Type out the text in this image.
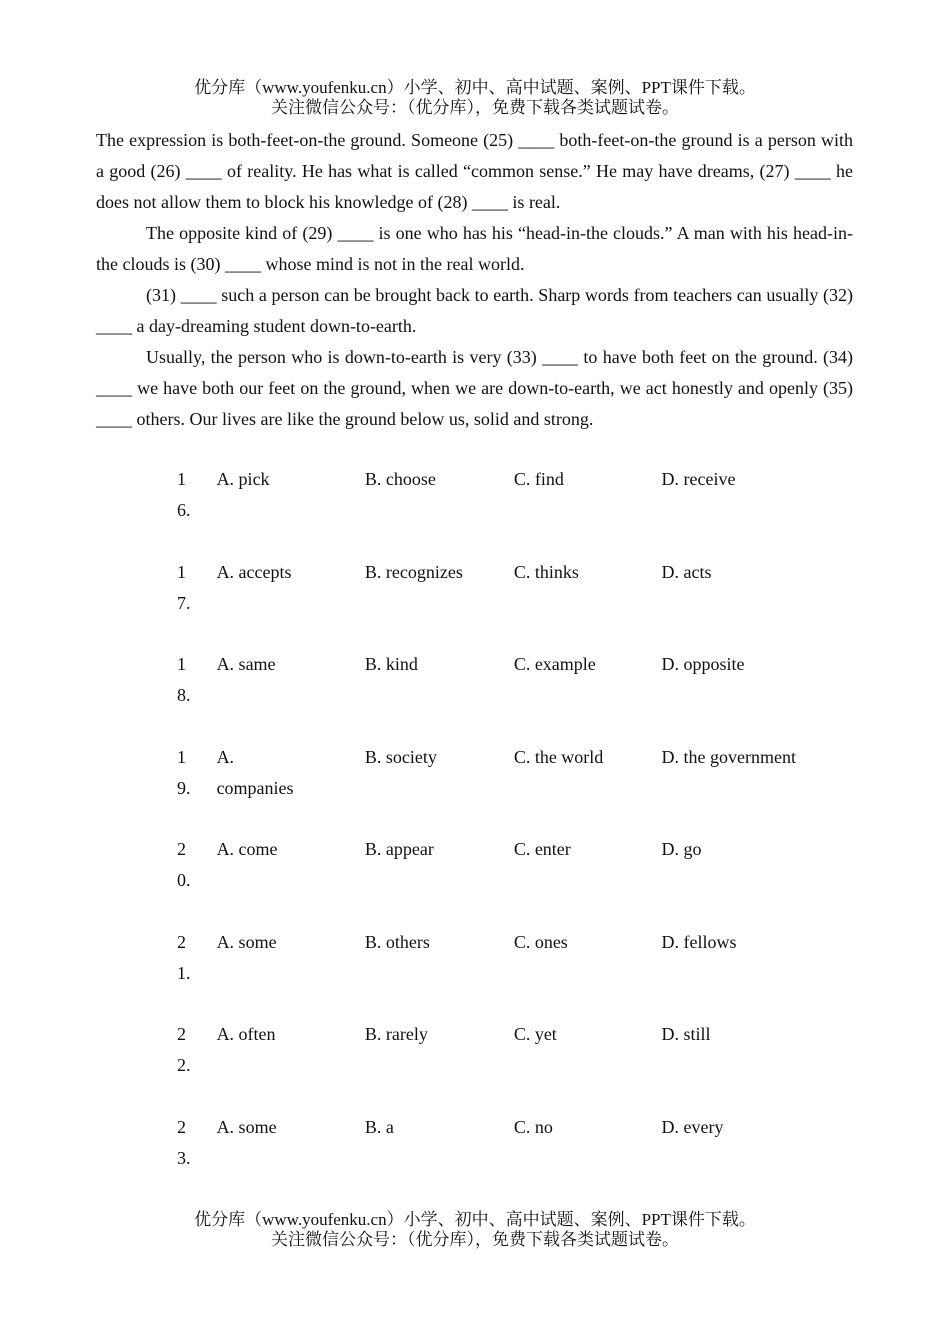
优分库（www.youfenku.cn）小学、初中、高中试题、案例、PPT课件下载。
关注微信公众号：（优分库），免费下载各类试题试卷。

The expression is both-feet-on-the ground. Someone (25) ____ both-feet-on-the ground is a person with a good (26) ____ of reality. He has what is called “common sense.” He may have dreams, (27) ____ he does not allow them to block his knowledge of (28) ____ is real.

The opposite kind of (29) ____ is one who has his “head-in-the clouds.” A man with his head-in-the clouds is (30) ____ whose mind is not in the real world.

(31) ____ such a person can be brought back to earth. Sharp words from teachers can usually (32) ____ a day-dreaming student down-to-earth.

Usually, the person who is down-to-earth is very (33) ____ to have both feet on the ground. (34) ____ we have both our feet on the ground, when we are down-to-earth, we act honestly and openly (35) ____ others. Our lives are like the ground below us, solid and strong.

16.	A. pick	B. choose	C. find	D. receive

17.	A. accepts	B. recognizes	C. thinks	D. acts

18.	A. same	B. kind	C. example	D. opposite

19.	A. companies	B. society	C. the world	D. the government

20.	A. come	B. appear	C. enter	D. go

21.	A. some	B. others	C. ones	D. fellows

22.	A. often	B. rarely	C. yet	D. still

23.	A. some	B. a	C. no	D. every
优分库（www.youfenku.cn）小学、初中、高中试题、案例、PPT课件下载。
关注微信公众号：（优分库），免费下载各类试题试卷。
